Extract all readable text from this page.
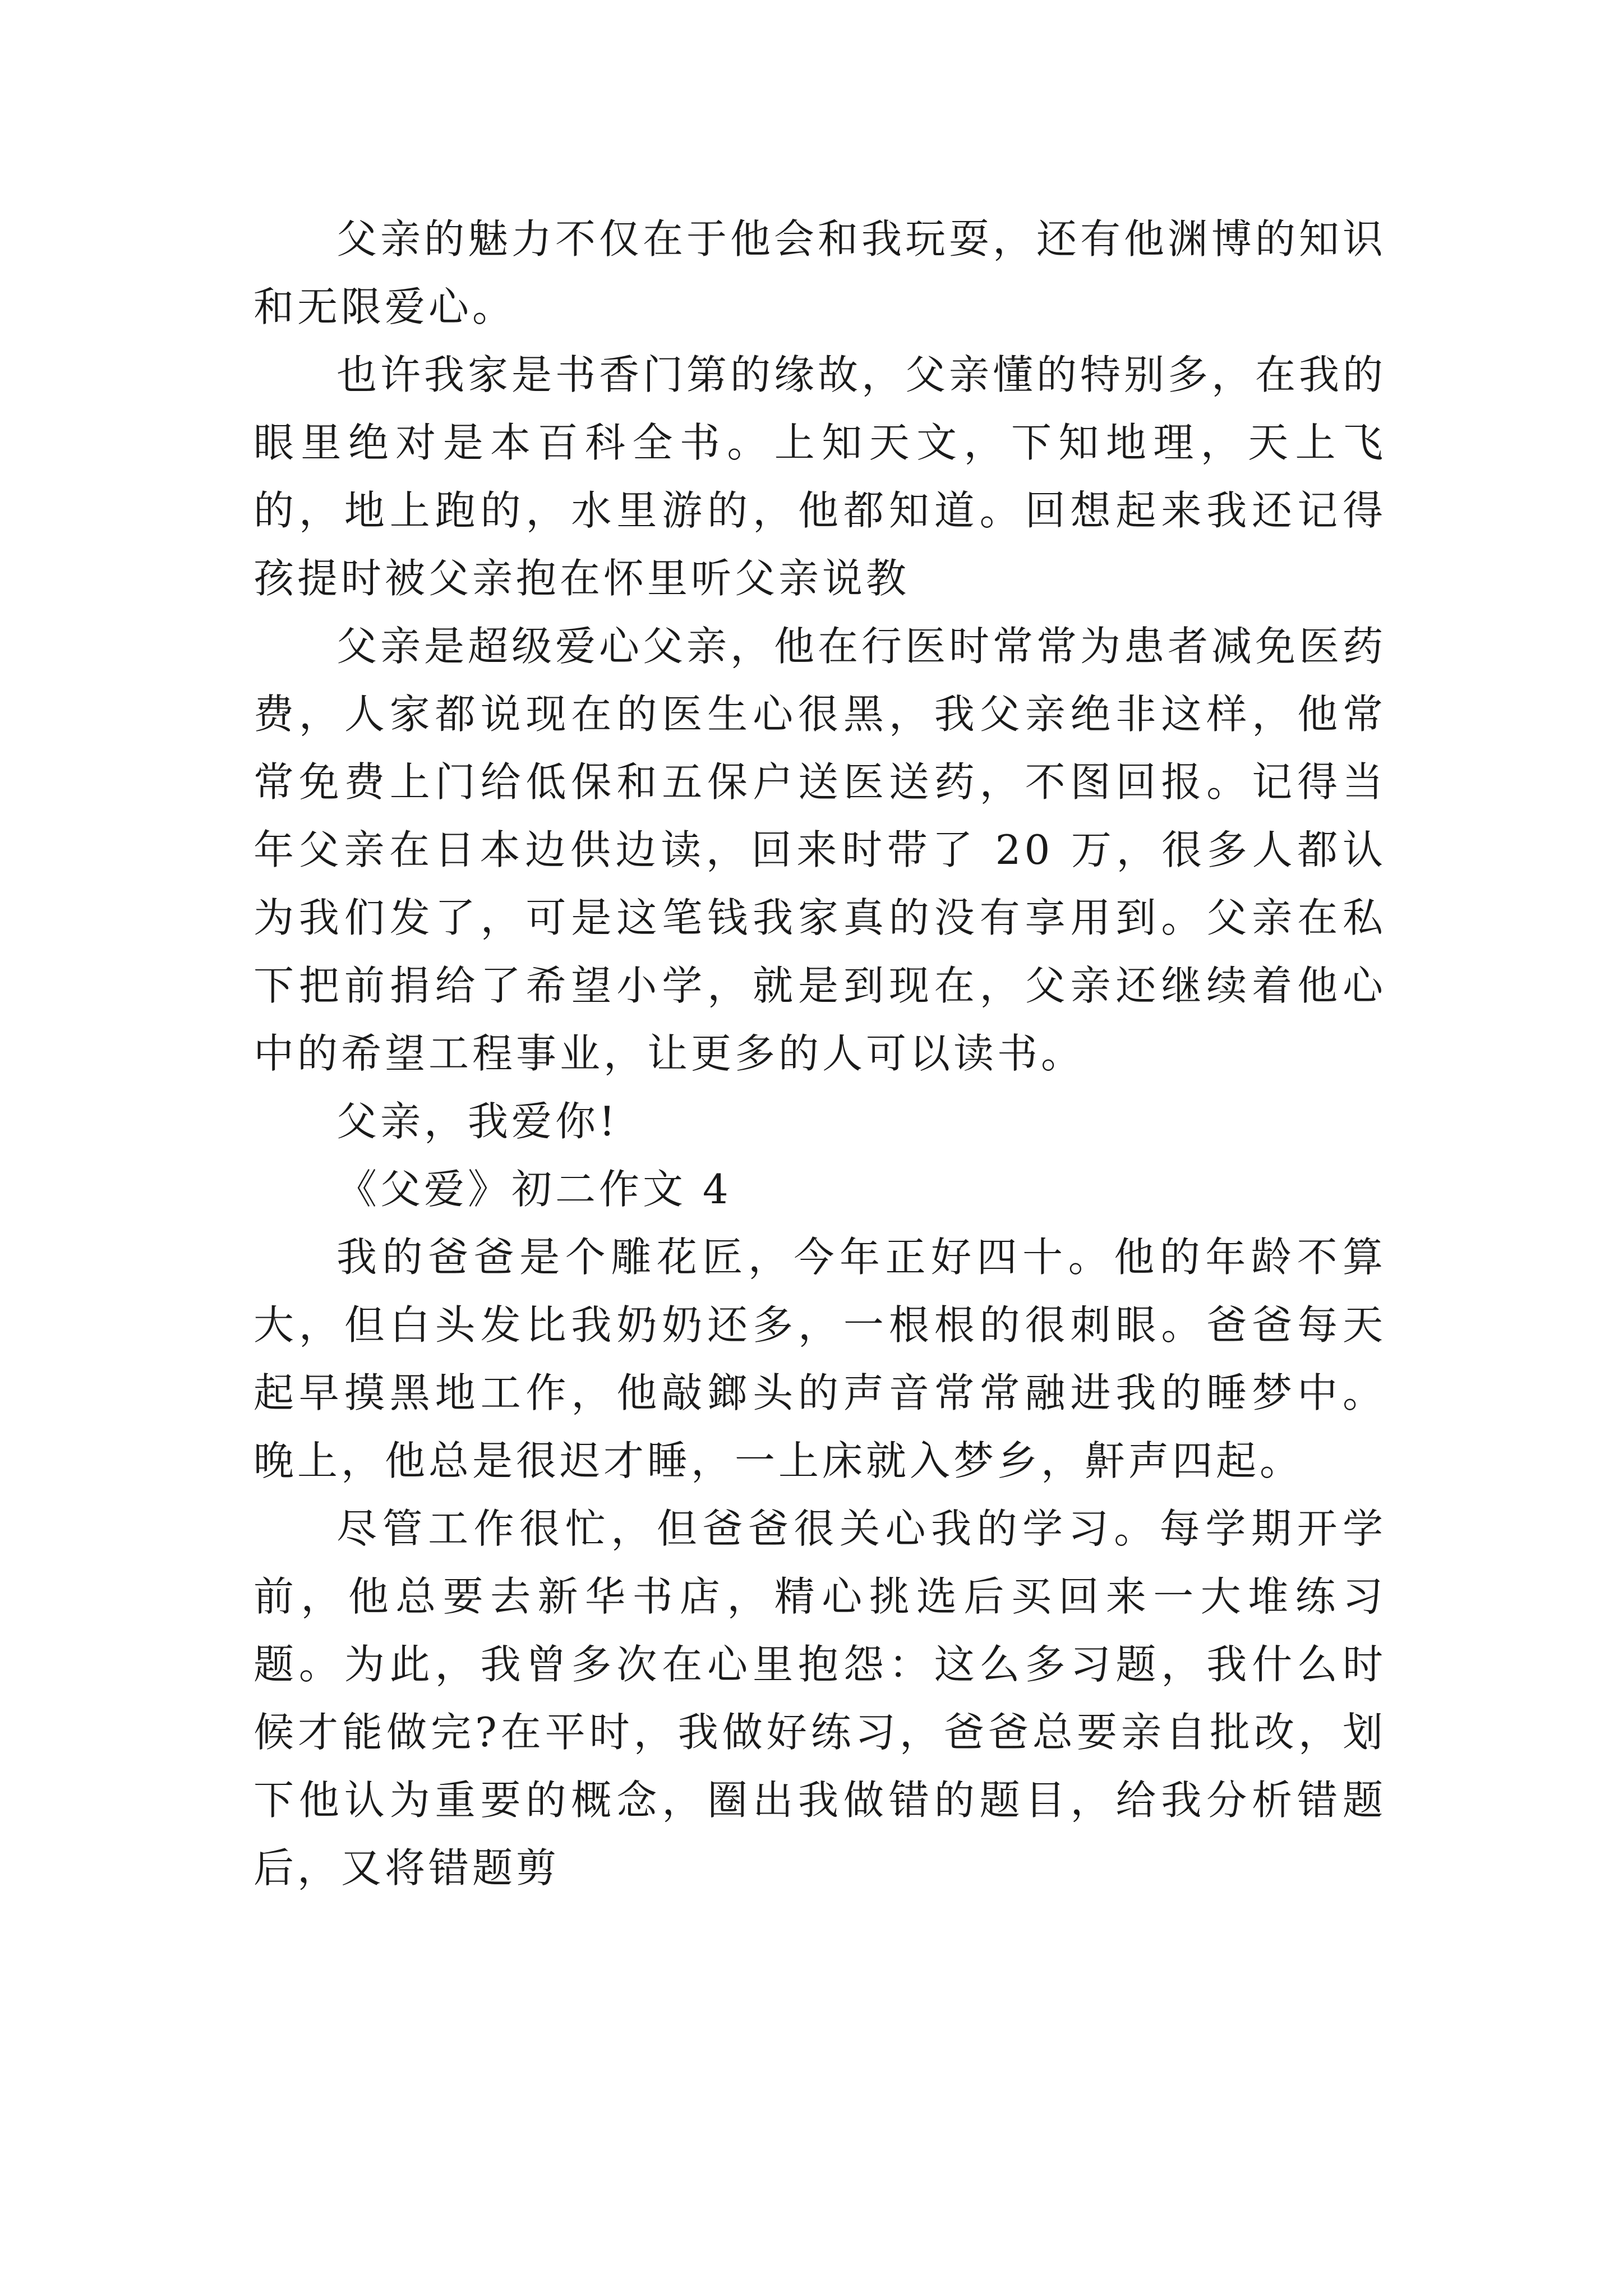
父亲的魅力不仅在于他会和我玩耍，还有他渊博的知识和无限爱心。

也许我家是书香门第的缘故，父亲懂的特别多，在我的眼里绝对是本百科全书。上知天文，下知地理，天上飞的，地上跑的，水里游的，他都知道。回想起来我还记得孩提时被父亲抱在怀里听父亲说教

父亲是超级爱心父亲，他在行医时常常为患者减免医药费，人家都说现在的医生心很黑，我父亲绝非这样，他常常免费上门给低保和五保户送医送药，不图回报。记得当年父亲在日本边供边读，回来时带了 20 万，很多人都认为我们发了，可是这笔钱我家真的没有享用到。父亲在私下把前捐给了希望小学，就是到现在，父亲还继续着他心中的希望工程事业，让更多的人可以读书。

父亲，我爱你!

《父爱》初二作文 4

我的爸爸是个雕花匠，今年正好四十。他的年龄不算大，但白头发比我奶奶还多，一根根的很刺眼。爸爸每天起早摸黑地工作，他敲鎯头的声音常常融进我的睡梦中。晚上，他总是很迟才睡，一上床就入梦乡，鼾声四起。

尽管工作很忙，但爸爸很关心我的学习。每学期开学前，他总要去新华书店，精心挑选后买回来一大堆练习题。为此，我曾多次在心里抱怨：这么多习题，我什么时候才能做完?在平时，我做好练习，爸爸总要亲自批改，划下他认为重要的概念，圈出我做错的题目，给我分析错题后，又将错题剪
